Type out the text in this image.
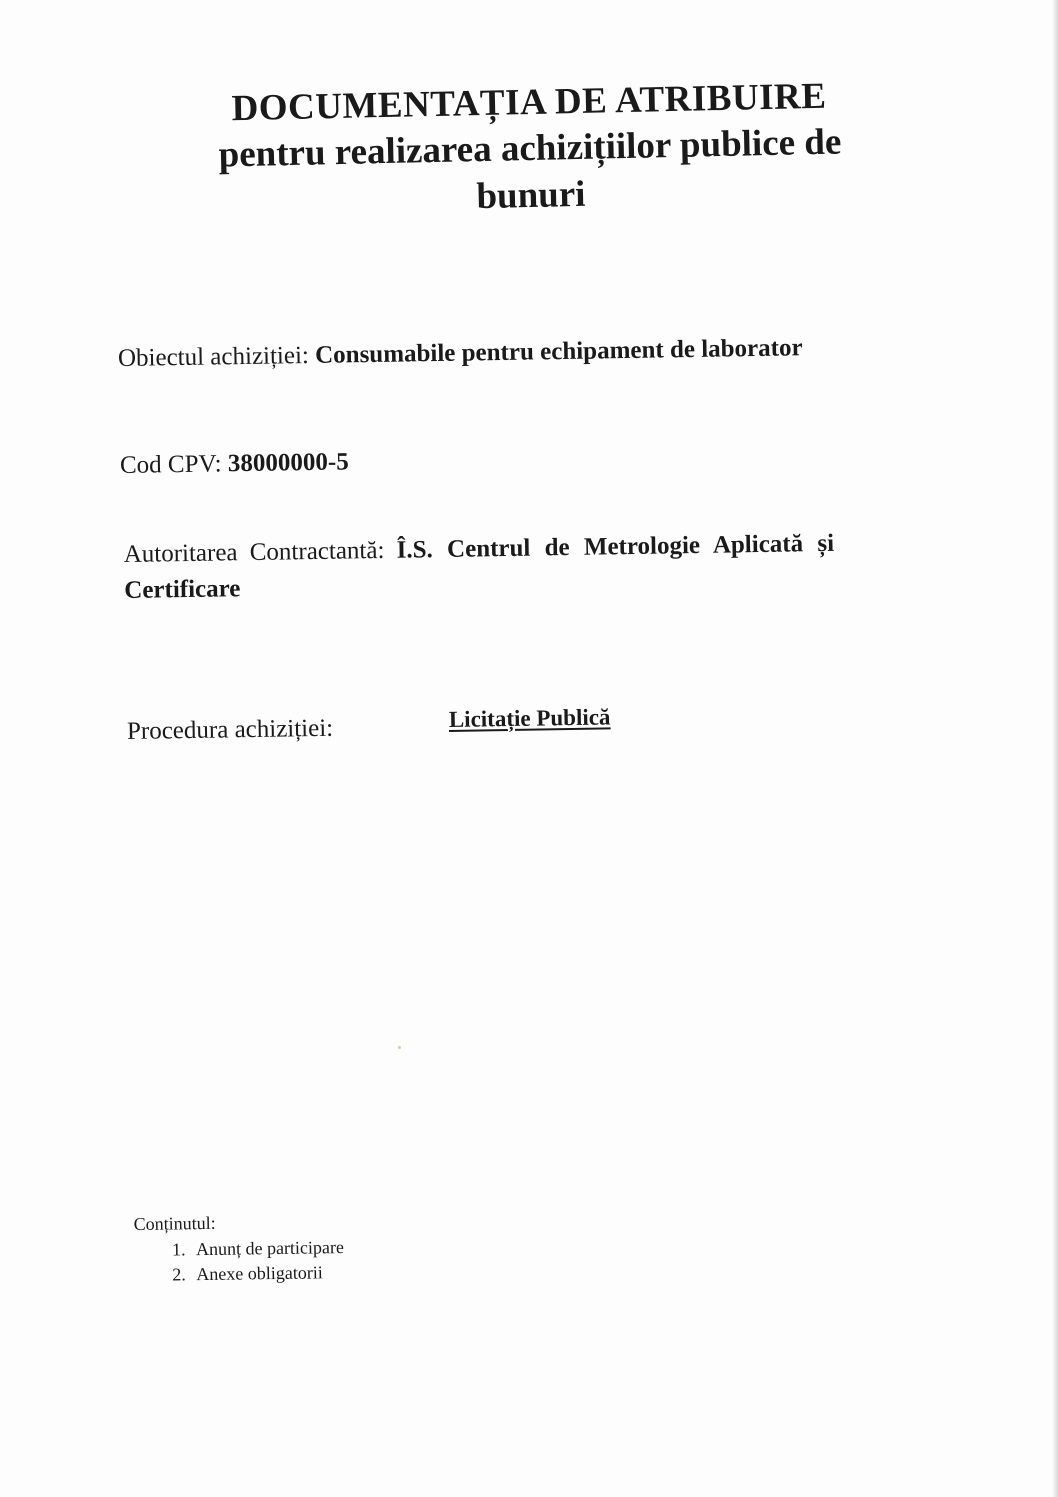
DOCUMENTAȚIA DE ATRIBUIRE
pentru realizarea achizițiilor publice de
bunuri
Obiectul achiziției: Consumabile pentru echipament de laborator
Cod CPV: 38000000-5
Autoritarea Contractantă: Î.S. Centrul de Metrologie Aplicată și Certificare
Procedura achiziției:	Licitație Publică
Conținutul:
1. Anunț de participare
2. Anexe obligatorii
